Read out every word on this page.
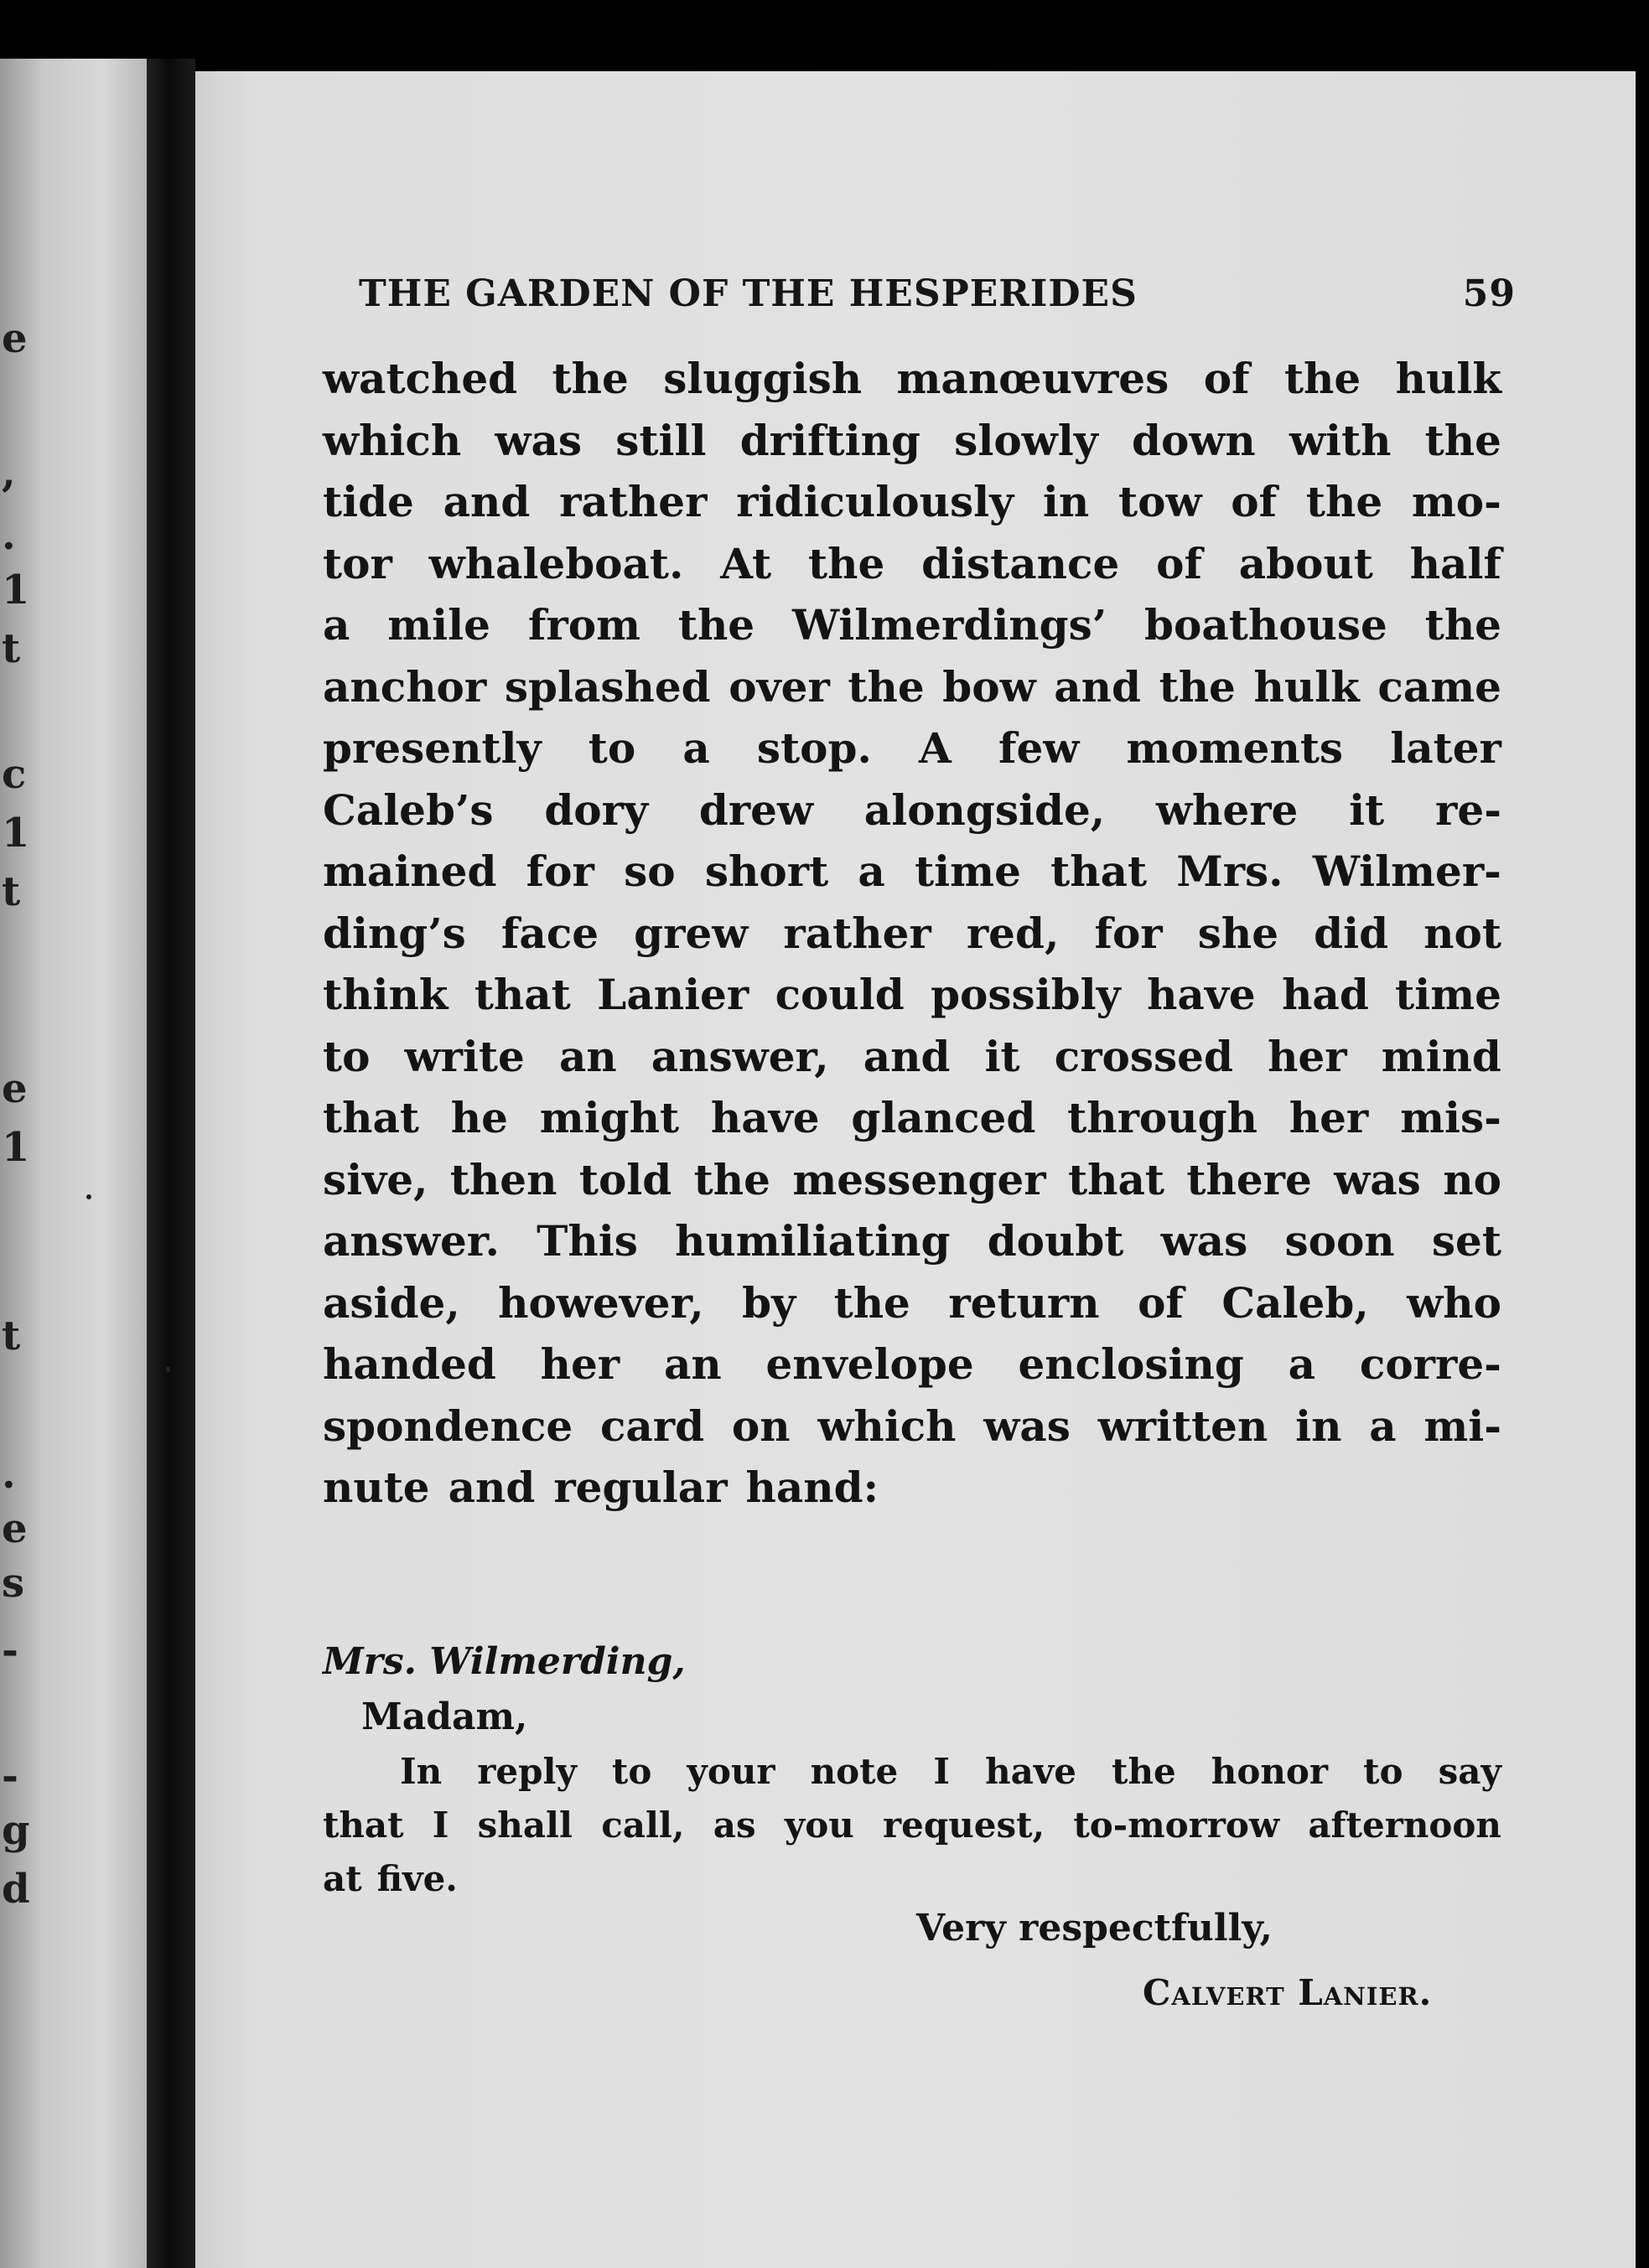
e
,
.
1
t
c
1
t
e
1
t
.
e
s
-
-
g
d
THE GARDEN OF THE HESPERIDES	59
watched the sluggish manœuvres of the hulk
which was still drifting slowly down with the
tide and rather ridiculously in tow of the mo-
tor whaleboat. At the distance of about half
a mile from the Wilmerdings’ boathouse the
anchor splashed over the bow and the hulk came
presently to a stop. A few moments later
Caleb’s dory drew alongside, where it re-
mained for so short a time that Mrs. Wilmer-
ding’s face grew rather red, for she did not
think that Lanier could possibly have had time
to write an answer, and it crossed her mind
that he might have glanced through her mis-
sive, then told the messenger that there was no
answer. This humiliating doubt was soon set
aside, however, by the return of Caleb, who
handed her an envelope enclosing a corre-
spondence card on which was written in a mi-
nute and regular hand:
Mrs. Wilmerding,
Madam,
In reply to your note I have the honor to say
that I shall call, as you request, to-morrow afternoon
at five.
Very respectfully,
Calvert Lanier.
